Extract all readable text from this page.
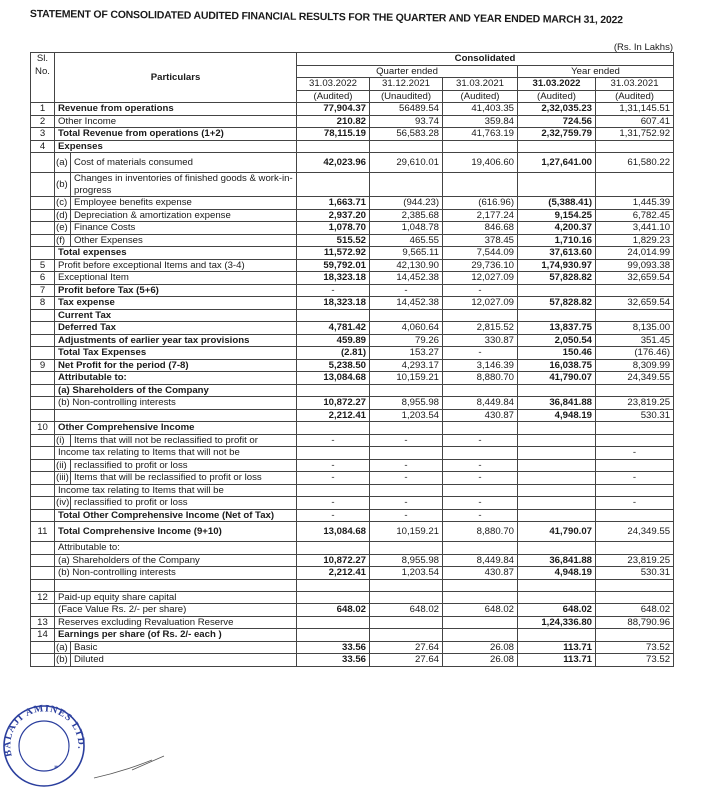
STATEMENT OF CONSOLIDATED AUDITED FINANCIAL RESULTS FOR THE QUARTER AND YEAR ENDED MARCH 31, 2022
(Rs. In Lakhs)
Sl.	Particulars		Consolidated				
No.			Quarter ended			Year ended	
			31.03.2022	31.12.2021	31.03.2021	31.03.2022	31.03.2021
			(Audited)	(Unaudited)	(Audited)	(Audited)	(Audited)
1	Revenue from operations		77,904.37	56489.54	41,403.35	2,32,035.23	1,31,145.51
2	Other Income		210.82	93.74	359.84	724.56	607.41
3	Total Revenue from operations (1+2)		78,115.19	56,583.28	41,763.19	2,32,759.79	1,31,752.92
4	Expenses						
	(a)	Cost of materials consumed	42,023.96	29,610.01	19,406.60	1,27,641.00	61,580.22
	(b)	Changes in inventories of finished goods & work-in-progress					
	(c)	Employee benefits expense	1,663.71	(944.23)	(616.96)	(5,388.41)	1,445.39
	(d)	Depreciation & amortization expense	2,937.20	2,385.68	2,177.24	9,154.25	6,782.45
	(e)	Finance Costs	1,078.70	1,048.78	846.68	4,200.37	3,441.10
	(f)	Other Expenses	515.52	465.55	378.45	1,710.16	1,829.23
	Total expenses		11,572.92	9,565.11	7,544.09	37,613.60	24,014.99
5	Profit before exceptional Items and tax (3-4)		59,792.01	42,130.90	29,736.10	1,74,930.97	99,093.38
6	Exceptional Item		18,323.18	14,452.38	12,027.09	57,828.82	32,659.54
7	Profit before Tax (5+6)		-	-	-		
8	Tax expense		18,323.18	14,452.38	12,027.09	57,828.82	32,659.54
	Current Tax						
	Deferred Tax		4,781.42	4,060.64	2,815.52	13,837.75	8,135.00
	Adjustments of earlier year tax provisions		459.89	79.26	330.87	2,050.54	351.45
	Total Tax Expenses		(2.81)	153.27	-	150.46	(176.46)
9	Net Profit for the period (7-8)		5,238.50	4,293.17	3,146.39	16,038.75	8,309.99
	Attributable to:		13,084.68	10,159.21	8,880.70	41,790.07	24,349.55
	(a) Shareholders of the Company						
	(b) Non-controlling interests		10,872.27	8,955.98	8,449.84	36,841.88	23,819.25
			2,212.41	1,203.54	430.87	4,948.19	530.31
10	Other Comprehensive Income						
	(i)	Items that will not be reclassified to profit or	-	-	-		
	Income tax relating to Items that will not be						-
	(ii)	reclassified to profit or loss	-	-	-		
	(iii)	Items that will be reclassified to profit or loss	-	-	-		-
	Income tax relating to Items that will be						
	(iv)	reclassified to profit or loss	-	-	-		-
	Total Other Comprehensive Income (Net of Tax)		-	-	-		
11	Total Comprehensive Income (9+10)		13,084.68	10,159.21	8,880.70	41,790.07	24,349.55
	Attributable to:						
	(a) Shareholders of the Company		10,872.27	8,955.98	8,449.84	36,841.88	23,819.25
	(b) Non-controlling interests		2,212.41	1,203.54	430.87	4,948.19	530.31

12	Paid-up equity share capital						
	(Face Value Rs. 2/- per share)		648.02	648.02	648.02	648.02	648.02
13	Reserves excluding Revaluation Reserve					1,24,336.80	88,790.96
14	Earnings per share (of Rs. 2/- each )						
	(a)	Basic	33.56	27.64	26.08	113.71	73.52
	(b)	Diluted	33.56	27.64	26.08	113.71	73.52
BALAJI AMINES LTD.
*
